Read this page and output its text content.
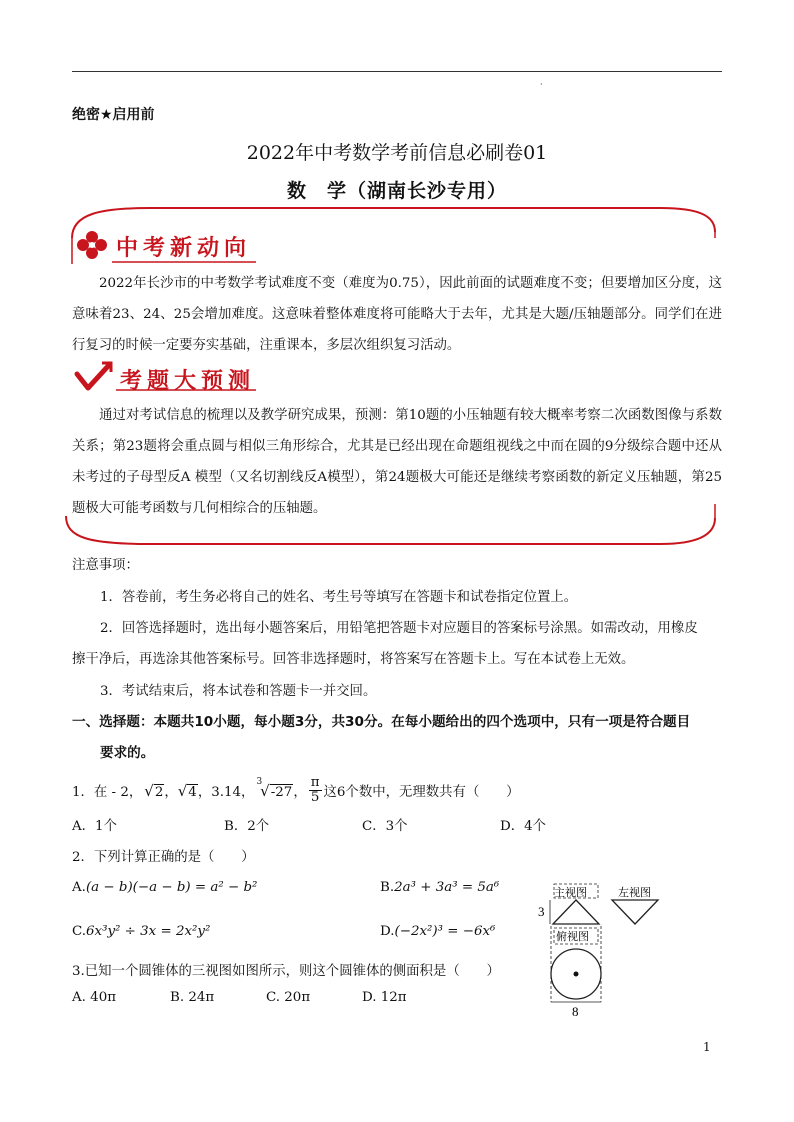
·
绝密★启用前
2022年中考数学考前信息必刷卷01
数　学（湖南长沙专用）
中考新动向
2022年长沙市的中考数学考试难度不变（难度为0.75），因此前面的试题难度不变；但要增加区分度，这意味着23、24、25会增加难度。这意味着整体难度将可能略大于去年，尤其是大题/压轴题部分。同学们在进行复习的时候一定要夯实基础，注重课本，多层次组织复习活动。
考题大预测
通过对考试信息的梳理以及教学研究成果，预测：第10题的小压轴题有较大概率考察二次函数图像与系数关系；第23题将会重点圆与相似三角形综合，尤其是已经出现在命题组视线之中而在圆的9分级综合题中还从未考过的子母型反A 模型（又名切割线反A模型），第24题极大可能还是继续考察函数的新定义压轴题，第25题极大可能考函数与几何相综合的压轴题。
注意事项：
1．答卷前，考生务必将自己的姓名、考生号等填写在答题卡和试卷指定位置上。
2．回答选择题时，选出每小题答案后，用铅笔把答题卡对应题目的答案标号涂黑。如需改动，用橡皮
擦干净后，再选涂其他答案标号。回答非选择题时，将答案写在答题卡上。写在本试卷上无效。
3．考试结束后，将本试卷和答题卡一并交回。
一、选择题：本题共10小题，每小题3分，共30分。在每小题给出的四个选项中，只有一项是符合题目
要求的。
1．在 - 2， √2 ， √4 ，3.14，
$^3$√-27 ， $\frac{\pi}{5}$ 这6个数中，无理数共有（　　）
A．1个	B．2个	C．3个	D．4个
2．下列计算正确的是（　　）
A.(a − b)(−a − b) = a² − b²	B.2a³ + 3a³ = 5a⁶
C.6x³y² ÷ 3x = 2x²y²	D.(−2x²)³ = −6x⁶
3.已知一个圆锥体的三视图如图所示，则这个圆锥体的侧面积是（　　）
A. 40π	B. 24π	C. 20π	D. 12π
主视图	左视图
3
俯视图
8
1
